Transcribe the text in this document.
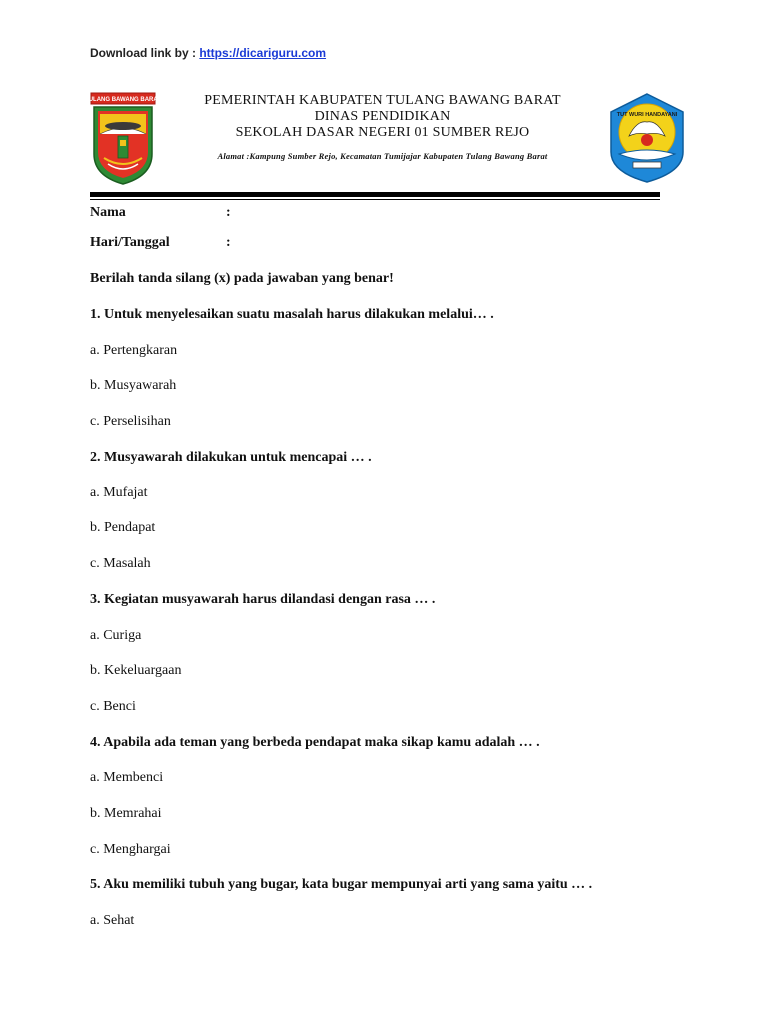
Download link by : https://dicariguru.com
TULANG BAWANG BARAT
TUT WURI HANDAYANI
PEMERINTAH KABUPATEN TULANG BAWANG BARAT
DINAS PENDIDIKAN
SEKOLAH DASAR NEGERI 01 SUMBER REJO
Alamat :Kampung Sumber Rejo, Kecamatan Tumijajar Kabupaten Tulang Bawang Barat
Nama	:
Hari/Tanggal	:
Berilah tanda silang (x) pada jawaban yang benar!
1. Untuk menyelesaikan suatu masalah harus dilakukan melalui… .
a. Pertengkaran
b. Musyawarah
c. Perselisihan
2. Musyawarah dilakukan untuk mencapai … .
a. Mufajat
b. Pendapat
c. Masalah
3. Kegiatan musyawarah harus dilandasi dengan rasa … .
a. Curiga
b. Kekeluargaan
c. Benci
4. Apabila ada teman yang berbeda pendapat maka sikap kamu adalah … .
a. Membenci
b. Memrahai
c. Menghargai
5. Aku memiliki tubuh yang bugar, kata bugar mempunyai arti yang sama yaitu … .
a. Sehat
